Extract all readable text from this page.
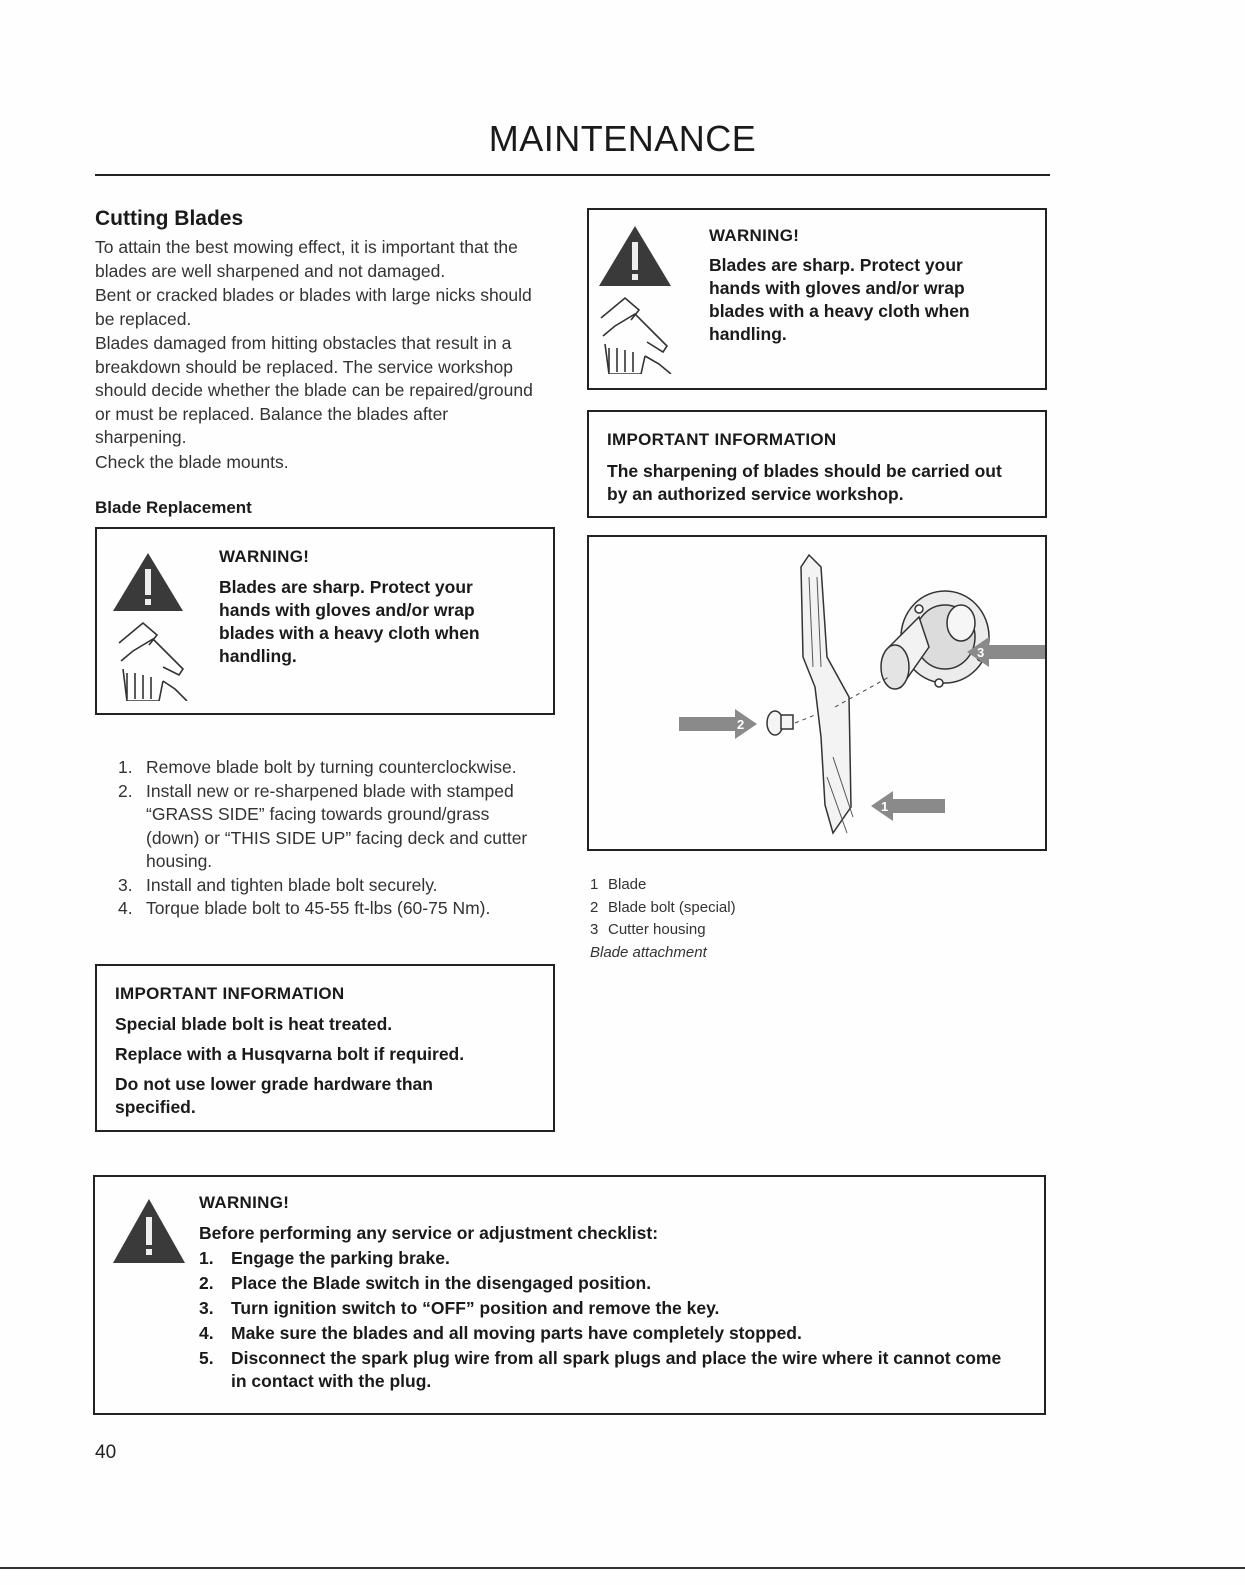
MAINTENANCE
Cutting Blades

To attain the best mowing effect, it is important that the blades are well sharpened and not damaged.

Bent or cracked blades or blades with large nicks should be replaced.

Blades damaged from hitting obstacles that result in a breakdown should be replaced. The service workshop should decide whether the blade can be repaired/ground or must be replaced. Balance the blades after sharpening.

Check the blade mounts.

Blade Replacement
WARNING!
Blades are sharp. Protect your hands with gloves and/or wrap blades with a heavy cloth when handling.
1. Remove blade bolt by turning counterclockwise.
2. Install new or re-sharpened blade with stamped “GRASS SIDE” facing towards ground/grass (down) or “THIS SIDE UP” facing deck and cutter housing.
3. Install and tighten blade bolt securely.
4. Torque blade bolt to 45-55 ft-lbs (60-75 Nm).
IMPORTANT INFORMATION
Special blade bolt is heat treated.
Replace with a Husqvarna bolt if required.
Do not use lower grade hardware than specified.
WARNING!
Blades are sharp. Protect your hands with gloves and/or wrap blades with a heavy cloth when handling.
IMPORTANT INFORMATION
The sharpening of blades should be carried out by an authorized service workshop.
2
3
1
1 Blade
2 Blade bolt (special)
3 Cutter housing
Blade attachment
WARNING!
Before performing any service or adjustment checklist:
1. Engage the parking brake.
2. Place the Blade switch in the disengaged position.
3. Turn ignition switch to “OFF” position and remove the key.
4. Make sure the blades and all moving parts have completely stopped.
5. Disconnect the spark plug wire from all spark plugs and place the wire where it cannot come in contact with the plug.
40
